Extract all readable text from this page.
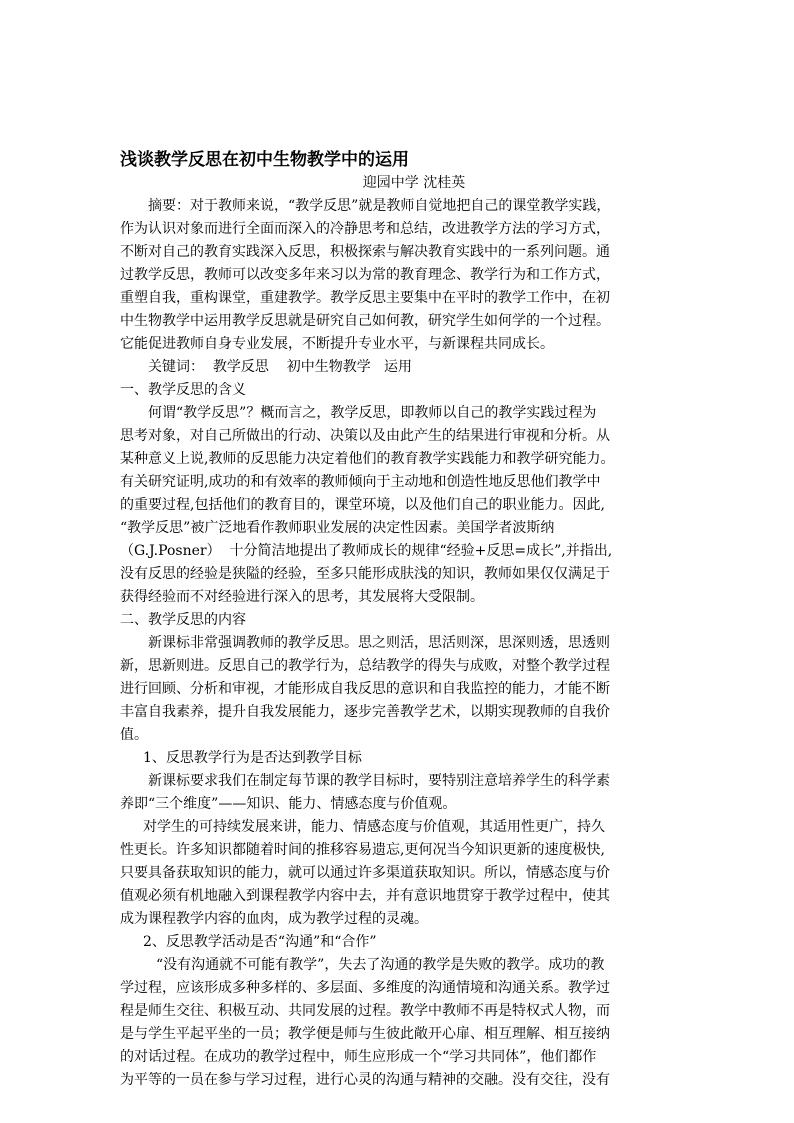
浅谈教学反思在初中生物教学中的运用

迎园中学 沈桂英

摘要：对于教师来说，“教学反思”就是教师自觉地把自己的课堂教学实践，
作为认识对象而进行全面而深入的冷静思考和总结，改进教学方法的学习方式，
不断对自己的教育实践深入反思，积极探索与解决教育实践中的一系列问题。通
过教学反思，教师可以改变多年来习以为常的教育理念、教学行为和工作方式，
重塑自我，重构课堂，重建教学。教学反思主要集中在平时的教学工作中，在初
中生物教学中运用教学反思就是研究自己如何教，研究学生如何学的一个过程。
它能促进教师自身专业发展，不断提升专业水平，与新课程共同成长。
关键词：  教学反思    初中生物教学   运用
一、教学反思的含义
何谓“教学反思”？概而言之，教学反思，即教师以自己的教学实践过程为
思考对象，对自己所做出的行动、决策以及由此产生的结果进行审视和分析。从
某种意义上说,教师的反思能力决定着他们的教育教学实践能力和教学研究能力。
有关研究证明,成功的和有效率的教师倾向于主动地和创造性地反思他们教学中
的重要过程,包括他们的教育目的，课堂环境，以及他们自己的职业能力。因此,
“教学反思”被广泛地看作教师职业发展的决定性因素。美国学者波斯纳
（G.J.Posner）  十分简洁地提出了教师成长的规律“经验+反思=成长”,并指出,
没有反思的经验是狭隘的经验，至多只能形成肤浅的知识，教师如果仅仅满足于
获得经验而不对经验进行深入的思考，其发展将大受限制。
二、教学反思的内容
新课标非常强调教师的教学反思。思之则活，思活则深，思深则透，思透则
新，思新则进。反思自己的教学行为，总结教学的得失与成败，对整个教学过程
进行回顾、分析和审视，才能形成自我反思的意识和自我监控的能力，才能不断
丰富自我素养，提升自我发展能力，逐步完善教学艺术，以期实现教师的自我价
值。
1、反思教学行为是否达到教学目标
新课标要求我们在制定每节课的教学目标时，要特别注意培养学生的科学素
养即“三个维度”——知识、能力、情感态度与价值观。
对学生的可持续发展来讲，能力、情感态度与价值观，其适用性更广，持久
性更长。许多知识都随着时间的推移容易遗忘,更何况当今知识更新的速度极快,
只要具备获取知识的能力，就可以通过许多渠道获取知识。所以，情感态度与价
值观必须有机地融入到课程教学内容中去，并有意识地贯穿于教学过程中，使其
成为课程教学内容的血肉，成为教学过程的灵魂。
2、反思教学活动是否“沟通”和“合作”
“没有沟通就不可能有教学”，失去了沟通的教学是失败的教学。成功的教
学过程，应该形成多种多样的、多层面、多维度的沟通情境和沟通关系。教学过
程是师生交往、积极互动、共同发展的过程。教学中教师不再是特权式人物，而
是与学生平起平坐的一员；教学便是师与生彼此敞开心扉、相互理解、相互接纳
的对话过程。在成功的教学过程中，师生应形成一个“学习共同体”，他们都作
为平等的一员在参与学习过程，进行心灵的沟通与精神的交融。没有交往，没有
